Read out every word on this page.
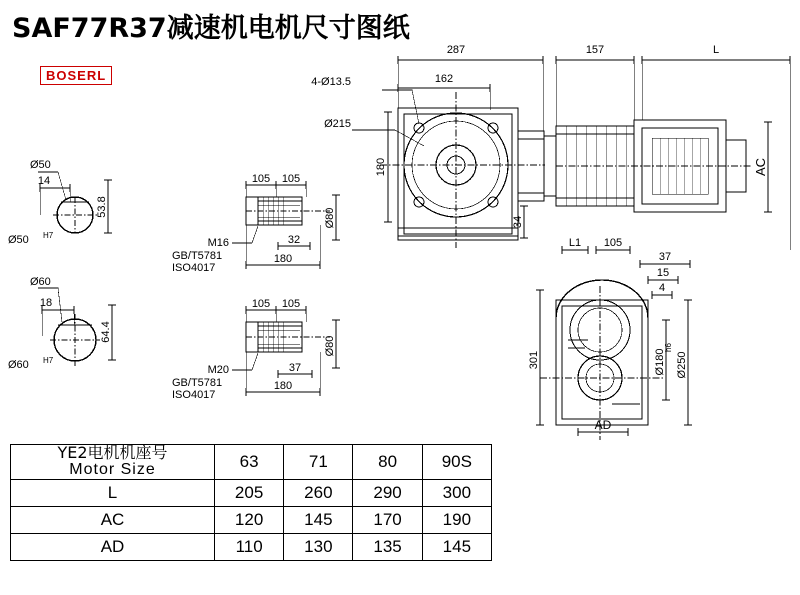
SAF77R37减速机电机尺寸图纸
BOSERL
287
162
157	L
4-Ø13.5
Ø215
180
34
AC
Ø50
14
53.8
Ø50 H7
Ø60
18
64.4
Ø60 H7
105 105
32
180
Ø80
M16
GB/T5781
ISO4017
105 105
37
180
Ø80
M20
GB/T5781
ISO4017
L1 105
37
15
4
301	Ø180
h6
Ø250
AD
YE2电机机座号
Motor Size	63	71	80	90S
L	205	260	290	300
AC	120	145	170	190
AD	110	130	135	145
